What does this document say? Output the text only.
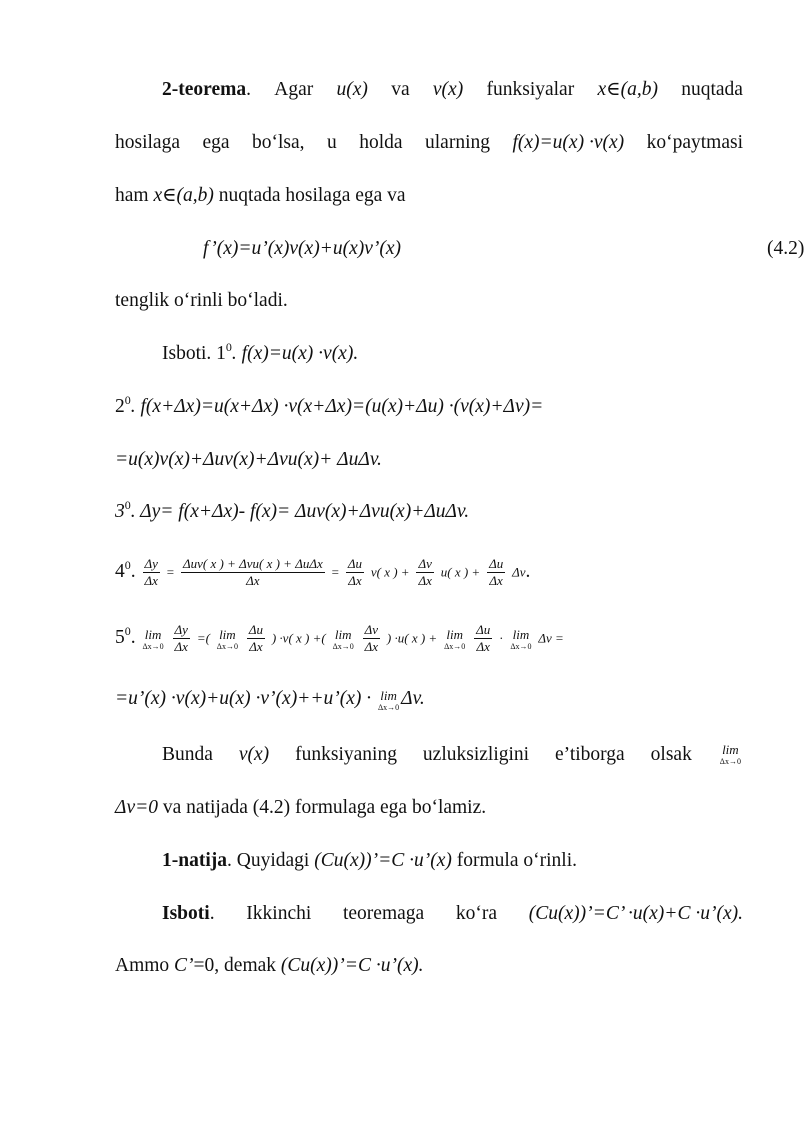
2-teorema. Agar u(x) va v(x) funksiyalar x∈(a,b) nuqtada
hosilaga ega bo‘lsa, u holda ularning f(x)=u(x) ·v(x) ko‘paytmasi
ham x∈(a,b) nuqtada hosilaga ega va
f’(x)=u’(x)v(x)+u(x)v’(x)	(4.2)
tenglik o‘rinli bo‘ladi.
Isboti. $1^0$. f(x)=u(x) ·v(x).
$2^0$. f(x+Δx)=u(x+Δx) ·v(x+Δx)=(u(x)+Δu) ·(v(x)+Δv)=
=u(x)v(x)+Δuv(x)+Δvu(x)+ ΔuΔv.
$3^0$. Δy= f(x+Δx)- f(x)= Δuv(x)+Δvu(x)+ΔuΔv.
$4^0$. $\frac{\Delta y}{\Delta x} = \frac{\text{Δuv( x ) + Δvu( x ) + ΔuΔx}}{\Delta x} = \frac{\Delta u}{\Delta x} v$( x ) + $\frac{\Delta v}{\Delta x} u$( x ) + $\frac{\Delta u}{\Delta x} \Delta v$.
$5^0$. lim
Δx→0
$\frac{\Delta y}{\Delta x}$ =( lim
Δx→0
$\frac{\Delta u}{\Delta x}$ ) ·v( x ) +( lim
Δx→0
$\frac{\Delta v}{\Delta x}$ ) ·u( x ) + lim
Δx→0
$\frac{\Delta u}{\Delta x} \cdot \lim$
Δx→0
Δv =
=u’(x) ·v(x)+u(x) ·v’(x)++u’(x) · lim
Δx→0 Δv.
Bunda v(x) funksiyaning uzluksizligini e’tiborga olsak lim
Δx→0
Δv=0 va natijada (4.2) formulaga ega bo‘lamiz.
1-natija. Quyidagi (Cu(x))’=C ·u’(x) formula o‘rinli.
Isboti. Ikkinchi teoremaga ko‘ra (Cu(x))’=C’ ·u(x)+C ·u’(x).
Ammo C’=0, demak (Cu(x))’=C ·u’(x).
